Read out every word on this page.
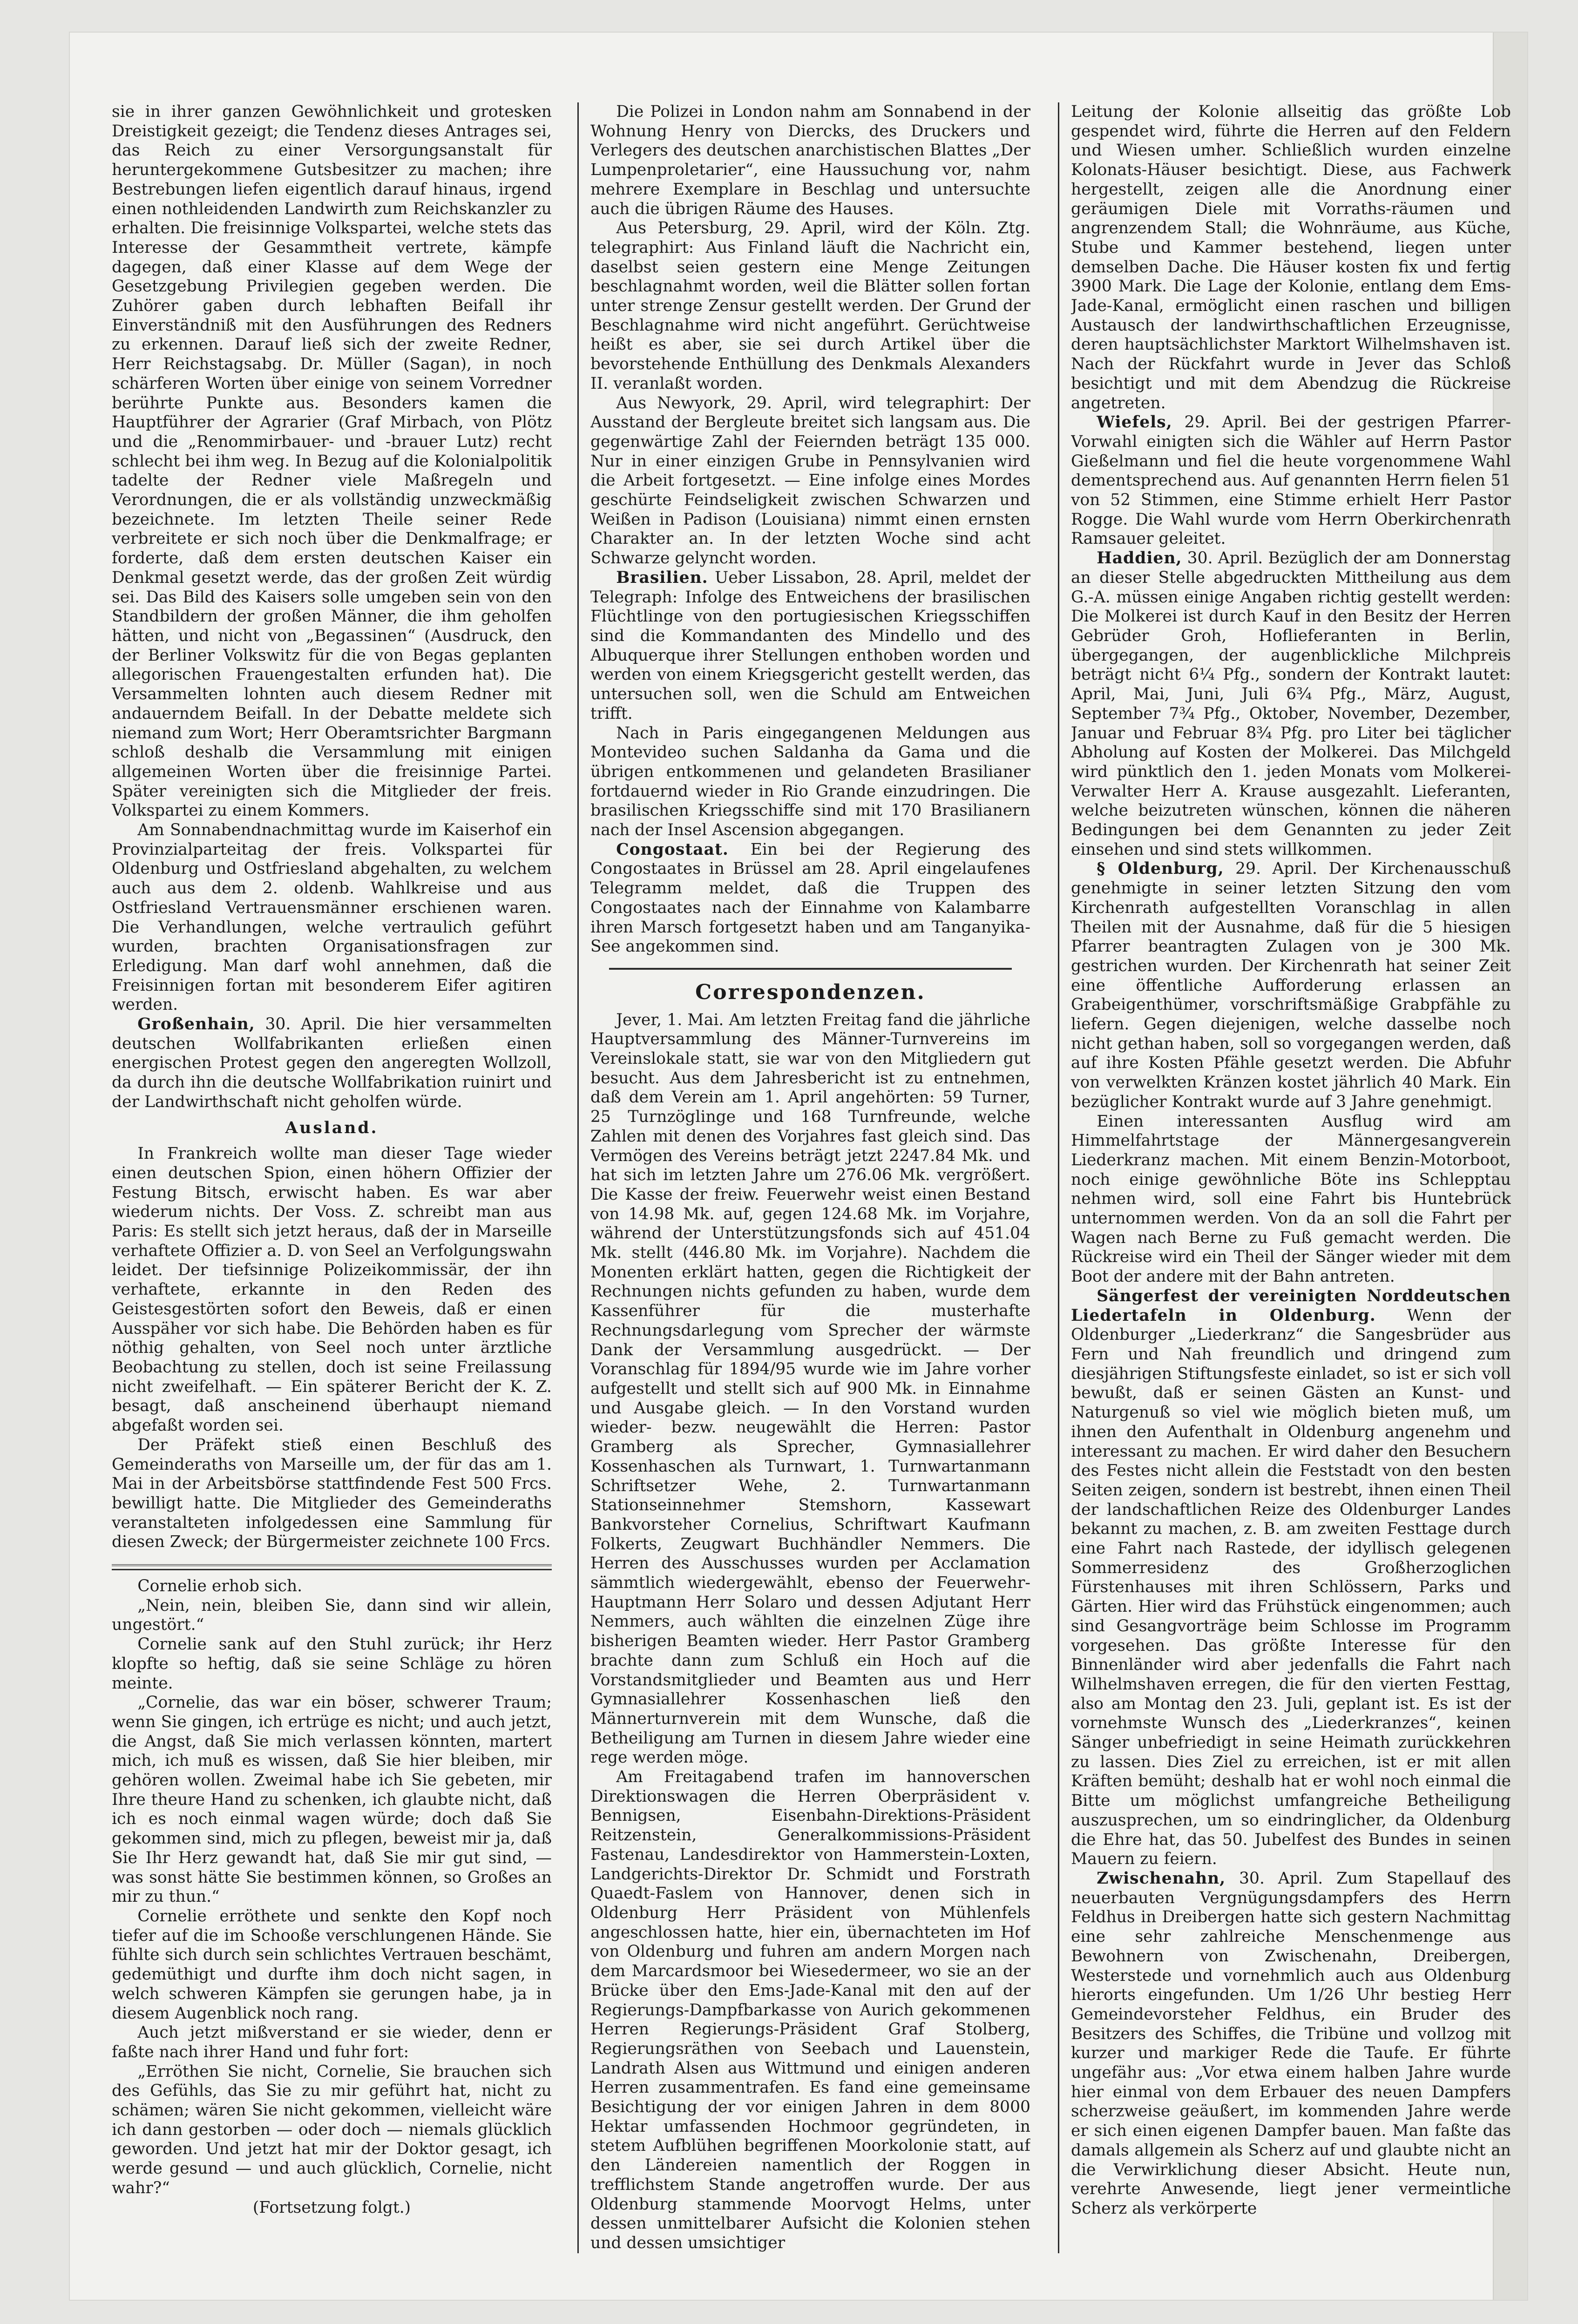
sie in ihrer ganzen Gewöhnlichkeit und grotesken Dreistigkeit gezeigt; die Tendenz dieses Antrages sei, das Reich zu einer Versorgungsanstalt für heruntergekommene Gutsbesitzer zu machen; ihre Bestrebungen liefen eigentlich darauf hinaus, irgend einen nothleidenden Landwirth zum Reichskanzler zu erhalten. Die freisinnige Volkspartei, welche stets das Interesse der Gesammtheit vertrete, kämpfe dagegen, daß einer Klasse auf dem Wege der Gesetzgebung Privilegien gegeben werden. Die Zuhörer gaben durch lebhaften Beifall ihr Einverständniß mit den Ausführungen des Redners zu erkennen. Darauf ließ sich der zweite Redner, Herr Reichstagsabg. Dr. Müller (Sagan), in noch schärferen Worten über einige von seinem Vorredner berührte Punkte aus. Besonders kamen die Hauptführer der Agrarier (Graf Mirbach, von Plötz und die „Renommirbauer- und -brauer Lutz) recht schlecht bei ihm weg. In Bezug auf die Kolonialpolitik tadelte der Redner viele Maßregeln und Verordnungen, die er als vollständig unzweckmäßig bezeichnete. Im letzten Theile seiner Rede verbreitete er sich noch über die Denkmalfrage; er forderte, daß dem ersten deutschen Kaiser ein Denkmal gesetzt werde, das der großen Zeit würdig sei. Das Bild des Kaisers solle umgeben sein von den Standbildern der großen Männer, die ihm geholfen hätten, und nicht von „Begassinen“ (Ausdruck, den der Berliner Volkswitz für die von Begas geplanten allegorischen Frauengestalten erfunden hat). Die Versammelten lohnten auch diesem Redner mit andauerndem Beifall. In der Debatte meldete sich niemand zum Wort; Herr Oberamtsrichter Bargmann schloß deshalb die Versammlung mit einigen allgemeinen Worten über die freisinnige Partei. Später vereinigten sich die Mitglieder der freis. Volkspartei zu einem Kommers.

Am Sonnabendnachmittag wurde im Kaiserhof ein Provinzialparteitag der freis. Volkspartei für Oldenburg und Ostfriesland abgehalten, zu welchem auch aus dem 2. oldenb. Wahlkreise und aus Ostfriesland Vertrauensmänner erschienen waren. Die Verhandlungen, welche vertraulich geführt wurden, brachten Organisationsfragen zur Erledigung. Man darf wohl annehmen, daß die Freisinnigen fortan mit besonderem Eifer agitiren werden.

Großenhain, 30. April. Die hier versammelten deutschen Wollfabrikanten erließen einen energischen Protest gegen den angeregten Wollzoll, da durch ihn die deutsche Wollfabrikation ruinirt und der Landwirthschaft nicht geholfen würde.

Ausland.

In Frankreich wollte man dieser Tage wieder einen deutschen Spion, einen höhern Offizier der Festung Bitsch, erwischt haben. Es war aber wiederum nichts. Der Voss. Z. schreibt man aus Paris: Es stellt sich jetzt heraus, daß der in Marseille verhaftete Offizier a. D. von Seel an Verfolgungswahn leidet. Der tiefsinnige Polizeikommissär, der ihn verhaftete, erkannte in den Reden des Geistesgestörten sofort den Beweis, daß er einen Ausspäher vor sich habe. Die Behörden haben es für nöthig gehalten, von Seel noch unter ärztliche Beobachtung zu stellen, doch ist seine Freilassung nicht zweifelhaft. — Ein späterer Bericht der K. Z. besagt, daß anscheinend überhaupt niemand abgefaßt worden sei.

Der Präfekt stieß einen Beschluß des Gemeinderaths von Marseille um, der für das am 1. Mai in der Arbeitsbörse stattfindende Fest 500 Frcs. bewilligt hatte. Die Mitglieder des Gemeinderaths veranstalteten infolgedessen eine Sammlung für diesen Zweck; der Bürgermeister zeichnete 100 Frcs.

Cornelie erhob sich.

„Nein, nein, bleiben Sie, dann sind wir allein, ungestört.“

Cornelie sank auf den Stuhl zurück; ihr Herz klopfte so heftig, daß sie seine Schläge zu hören meinte.

„Cornelie, das war ein böser, schwerer Traum; wenn Sie gingen, ich ertrüge es nicht; und auch jetzt, die Angst, daß Sie mich verlassen könnten, martert mich, ich muß es wissen, daß Sie hier bleiben, mir gehören wollen. Zweimal habe ich Sie gebeten, mir Ihre theure Hand zu schenken, ich glaubte nicht, daß ich es noch einmal wagen würde; doch daß Sie gekommen sind, mich zu pflegen, beweist mir ja, daß Sie Ihr Herz gewandt hat, daß Sie mir gut sind, — was sonst hätte Sie bestimmen können, so Großes an mir zu thun.“

Cornelie erröthete und senkte den Kopf noch tiefer auf die im Schooße verschlungenen Hände. Sie fühlte sich durch sein schlichtes Vertrauen beschämt, gedemüthigt und durfte ihm doch nicht sagen, in welch schweren Kämpfen sie gerungen habe, ja in diesem Augenblick noch rang.

Auch jetzt mißverstand er sie wieder, denn er faßte nach ihrer Hand und fuhr fort:

„Erröthen Sie nicht, Cornelie, Sie brauchen sich des Gefühls, das Sie zu mir geführt hat, nicht zu schämen; wären Sie nicht gekommen, vielleicht wäre ich dann gestorben — oder doch — niemals glücklich geworden. Und jetzt hat mir der Doktor gesagt, ich werde gesund — und auch glücklich, Cornelie, nicht wahr?“

(Fortsetzung folgt.)

Die Polizei in London nahm am Sonnabend in der Wohnung Henry von Diercks, des Druckers und Verlegers des deutschen anarchistischen Blattes „Der Lumpenproletarier“, eine Haussuchung vor, nahm mehrere Exemplare in Beschlag und untersuchte auch die übrigen Räume des Hauses.

Aus Petersburg, 29. April, wird der Köln. Ztg. telegraphirt: Aus Finland läuft die Nachricht ein, daselbst seien gestern eine Menge Zeitungen beschlagnahmt worden, weil die Blätter sollen fortan unter strenge Zensur gestellt werden. Der Grund der Beschlagnahme wird nicht angeführt. Gerüchtweise heißt es aber, sie sei durch Artikel über die bevorstehende Enthüllung des Denkmals Alexanders II. veranlaßt worden.

Aus Newyork, 29. April, wird telegraphirt: Der Ausstand der Bergleute breitet sich langsam aus. Die gegenwärtige Zahl der Feiernden beträgt 135 000. Nur in einer einzigen Grube in Pennsylvanien wird die Arbeit fortgesetzt. — Eine infolge eines Mordes geschürte Feindseligkeit zwischen Schwarzen und Weißen in Padison (Louisiana) nimmt einen ernsten Charakter an. In der letzten Woche sind acht Schwarze gelyncht worden.

Brasilien. Ueber Lissabon, 28. April, meldet der Telegraph: Infolge des Entweichens der brasilischen Flüchtlinge von den portugiesischen Kriegsschiffen sind die Kommandanten des Mindello und des Albuquerque ihrer Stellungen enthoben worden und werden von einem Kriegsgericht gestellt werden, das untersuchen soll, wen die Schuld am Entweichen trifft.

Nach in Paris eingegangenen Meldungen aus Montevideo suchen Saldanha da Gama und die übrigen entkommenen und gelandeten Brasilianer fortdauernd wieder in Rio Grande einzudringen. Die brasilischen Kriegsschiffe sind mit 170 Brasilianern nach der Insel Ascension abgegangen.

Congostaat. Ein bei der Regierung des Congostaates in Brüssel am 28. April eingelaufenes Telegramm meldet, daß die Truppen des Congostaates nach der Einnahme von Kalambarre ihren Marsch fortgesetzt haben und am Tanganyika-See angekommen sind.

Correspondenzen.

Jever, 1. Mai. Am letzten Freitag fand die jährliche Hauptversammlung des Männer-Turnvereins im Vereinslokale statt, sie war von den Mitgliedern gut besucht. Aus dem Jahresbericht ist zu entnehmen, daß dem Verein am 1. April angehörten: 59 Turner, 25 Turnzöglinge und 168 Turnfreunde, welche Zahlen mit denen des Vorjahres fast gleich sind. Das Vermögen des Vereins beträgt jetzt 2247.84 Mk. und hat sich im letzten Jahre um 276.06 Mk. vergrößert. Die Kasse der freiw. Feuerwehr weist einen Bestand von 14.98 Mk. auf, gegen 124.68 Mk. im Vorjahre, während der Unterstützungsfonds sich auf 451.04 Mk. stellt (446.80 Mk. im Vorjahre). Nachdem die Monenten erklärt hatten, gegen die Richtigkeit der Rechnungen nichts gefunden zu haben, wurde dem Kassenführer für die musterhafte Rechnungsdarlegung vom Sprecher der wärmste Dank der Versammlung ausgedrückt. — Der Voranschlag für 1894/95 wurde wie im Jahre vorher aufgestellt und stellt sich auf 900 Mk. in Einnahme und Ausgabe gleich. — In den Vorstand wurden wieder- bezw. neugewählt die Herren: Pastor Gramberg als Sprecher, Gymnasiallehrer Kossenhaschen als Turnwart, 1. Turnwartanmann Schriftsetzer Wehe, 2. Turnwartanmann Stationseinnehmer Stemshorn, Kassewart Bankvorsteher Cornelius, Schriftwart Kaufmann Folkerts, Zeugwart Buchhändler Nemmers. Die Herren des Ausschusses wurden per Acclamation sämmtlich wiedergewählt, ebenso der Feuerwehr-Hauptmann Herr Solaro und dessen Adjutant Herr Nemmers, auch wählten die einzelnen Züge ihre bisherigen Beamten wieder. Herr Pastor Gramberg brachte dann zum Schluß ein Hoch auf die Vorstandsmitglieder und Beamten aus und Herr Gymnasiallehrer Kossenhaschen ließ den Männerturnverein mit dem Wunsche, daß die Betheiligung am Turnen in diesem Jahre wieder eine rege werden möge.

Am Freitagabend trafen im hannoverschen Direktionswagen die Herren Oberpräsident v. Bennigsen, Eisenbahn-Direktions-Präsident Reitzenstein, Generalkommissions-Präsident Fastenau, Landesdirektor von Hammerstein-Loxten, Landgerichts-Direktor Dr. Schmidt und Forstrath Quaedt-Faslem von Hannover, denen sich in Oldenburg Herr Präsident von Mühlenfels angeschlossen hatte, hier ein, übernachteten im Hof von Oldenburg und fuhren am andern Morgen nach dem Marcardsmoor bei Wiesedermeer, wo sie an der Brücke über den Ems-Jade-Kanal mit den auf der Regierungs-Dampfbarkasse von Aurich gekommenen Herren Regierungs-Präsident Graf Stolberg, Regierungsräthen von Seebach und Lauenstein, Landrath Alsen aus Wittmund und einigen anderen Herren zusammentrafen. Es fand eine gemeinsame Besichtigung der vor einigen Jahren in dem 8000 Hektar umfassenden Hochmoor gegründeten, in stetem Aufblühen begriffenen Moorkolonie statt, auf den Ländereien namentlich der Roggen in trefflichstem Stande angetroffen wurde. Der aus Oldenburg stammende Moorvogt Helms, unter dessen unmittelbarer Aufsicht die Kolonien stehen und dessen umsichtiger

Leitung der Kolonie allseitig das größte Lob gespendet wird, führte die Herren auf den Feldern und Wiesen umher. Schließlich wurden einzelne Kolonats-Häuser besichtigt. Diese, aus Fachwerk hergestellt, zeigen alle die Anordnung einer geräumigen Diele mit Vorraths-räumen und angrenzendem Stall; die Wohnräume, aus Küche, Stube und Kammer bestehend, liegen unter demselben Dache. Die Häuser kosten fix und fertig 3900 Mark. Die Lage der Kolonie, entlang dem Ems-Jade-Kanal, ermöglicht einen raschen und billigen Austausch der landwirthschaftlichen Erzeugnisse, deren hauptsächlichster Marktort Wilhelmshaven ist. Nach der Rückfahrt wurde in Jever das Schloß besichtigt und mit dem Abendzug die Rückreise angetreten.

Wiefels, 29. April. Bei der gestrigen Pfarrer-Vorwahl einigten sich die Wähler auf Herrn Pastor Gießelmann und fiel die heute vorgenommene Wahl dementsprechend aus. Auf genannten Herrn fielen 51 von 52 Stimmen, eine Stimme erhielt Herr Pastor Rogge. Die Wahl wurde vom Herrn Oberkirchenrath Ramsauer geleitet.

Haddien, 30. April. Bezüglich der am Donnerstag an dieser Stelle abgedruckten Mittheilung aus dem G.-A. müssen einige Angaben richtig gestellt werden: Die Molkerei ist durch Kauf in den Besitz der Herren Gebrüder Groh, Hoflieferanten in Berlin, übergegangen, der augenblickliche Milchpreis beträgt nicht 6¼ Pfg., sondern der Kontrakt lautet: April, Mai, Juni, Juli 6¾ Pfg., März, August, September 7¾ Pfg., Oktober, November, Dezember, Januar und Februar 8¾ Pfg. pro Liter bei täglicher Abholung auf Kosten der Molkerei. Das Milchgeld wird pünktlich den 1. jeden Monats vom Molkerei-Verwalter Herr A. Krause ausgezahlt. Lieferanten, welche beizutreten wünschen, können die näheren Bedingungen bei dem Genannten zu jeder Zeit einsehen und sind stets willkommen.

§ Oldenburg, 29. April. Der Kirchenausschuß genehmigte in seiner letzten Sitzung den vom Kirchenrath aufgestellten Voranschlag in allen Theilen mit der Ausnahme, daß für die 5 hiesigen Pfarrer beantragten Zulagen von je 300 Mk. gestrichen wurden. Der Kirchenrath hat seiner Zeit eine öffentliche Aufforderung erlassen an Grabeigenthümer, vorschriftsmäßige Grabpfähle zu liefern. Gegen diejenigen, welche dasselbe noch nicht gethan haben, soll so vorgegangen werden, daß auf ihre Kosten Pfähle gesetzt werden. Die Abfuhr von verwelkten Kränzen kostet jährlich 40 Mark. Ein bezüglicher Kontrakt wurde auf 3 Jahre genehmigt.

Einen interessanten Ausflug wird am Himmelfahrtstage der Männergesangverein Liederkranz machen. Mit einem Benzin-Motorboot, noch einige gewöhnliche Böte ins Schlepptau nehmen wird, soll eine Fahrt bis Huntebrück unternommen werden. Von da an soll die Fahrt per Wagen nach Berne zu Fuß gemacht werden. Die Rückreise wird ein Theil der Sänger wieder mit dem Boot der andere mit der Bahn antreten.

Sängerfest der vereinigten Norddeutschen Liedertafeln in Oldenburg. Wenn der Oldenburger „Liederkranz“ die Sangesbrüder aus Fern und Nah freundlich und dringend zum diesjährigen Stiftungsfeste einladet, so ist er sich voll bewußt, daß er seinen Gästen an Kunst- und Naturgenuß so viel wie möglich bieten muß, um ihnen den Aufenthalt in Oldenburg angenehm und interessant zu machen. Er wird daher den Besuchern des Festes nicht allein die Feststadt von den besten Seiten zeigen, sondern ist bestrebt, ihnen einen Theil der landschaftlichen Reize des Oldenburger Landes bekannt zu machen, z. B. am zweiten Festtage durch eine Fahrt nach Rastede, der idyllisch gelegenen Sommerresidenz des Großherzoglichen Fürstenhauses mit ihren Schlössern, Parks und Gärten. Hier wird das Frühstück eingenommen; auch sind Gesangvorträge beim Schlosse im Programm vorgesehen. Das größte Interesse für den Binnenländer wird aber jedenfalls die Fahrt nach Wilhelmshaven erregen, die für den vierten Festtag, also am Montag den 23. Juli, geplant ist. Es ist der vornehmste Wunsch des „Liederkranzes“, keinen Sänger unbefriedigt in seine Heimath zurückkehren zu lassen. Dies Ziel zu erreichen, ist er mit allen Kräften bemüht; deshalb hat er wohl noch einmal die Bitte um möglichst umfangreiche Betheiligung auszusprechen, um so eindringlicher, da Oldenburg die Ehre hat, das 50. Jubelfest des Bundes in seinen Mauern zu feiern.

Zwischenahn, 30. April. Zum Stapellauf des neuerbauten Vergnügungsdampfers des Herrn Feldhus in Dreibergen hatte sich gestern Nachmittag eine sehr zahlreiche Menschenmenge aus Bewohnern von Zwischenahn, Dreibergen, Westerstede und vornehmlich auch aus Oldenburg hierorts eingefunden. Um 1/26 Uhr bestieg Herr Gemeindevorsteher Feldhus, ein Bruder des Besitzers des Schiffes, die Tribüne und vollzog mit kurzer und markiger Rede die Taufe. Er führte ungefähr aus: „Vor etwa einem halben Jahre wurde hier einmal von dem Erbauer des neuen Dampfers scherzweise geäußert, im kommenden Jahre werde er sich einen eigenen Dampfer bauen. Man faßte das damals allgemein als Scherz auf und glaubte nicht an die Verwirklichung dieser Absicht. Heute nun, verehrte Anwesende, liegt jener vermeintliche Scherz als verkörperte
